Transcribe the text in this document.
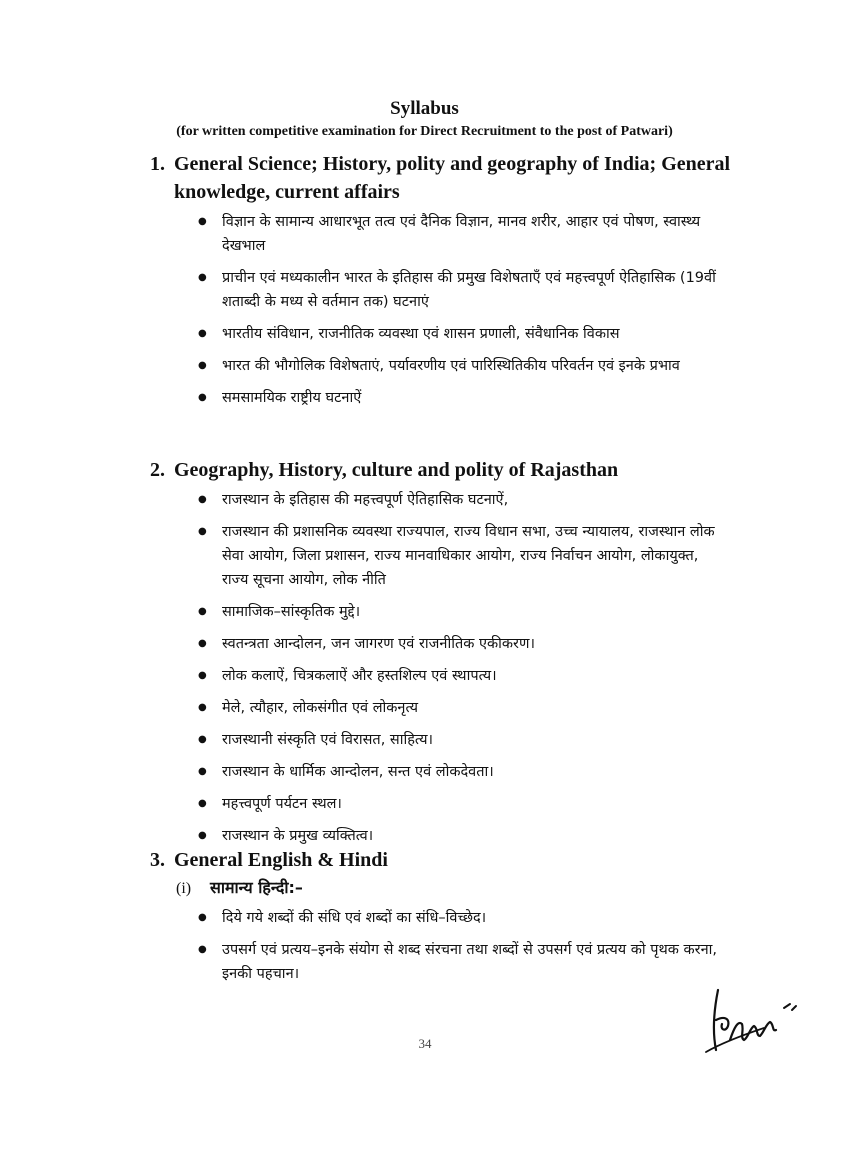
Syllabus

(for written competitive examination for Direct Recruitment to the post of Patwari)

1. General Science; History, polity and geography of India; General knowledge, current affairs
● विज्ञान के सामान्य आधारभूत तत्व एवं दैनिक विज्ञान, मानव शरीर, आहार एवं पोषण, स्वास्थ्य देखभाल
● प्राचीन एवं मध्यकालीन भारत के इतिहास की प्रमुख विशेषताएँ एवं महत्त्वपूर्ण ऐतिहासिक (19वीं शताब्दी के मध्य से वर्तमान तक) घटनाएं
● भारतीय संविधान, राजनीतिक व्यवस्था एवं शासन प्रणाली, संवैधानिक विकास
● भारत की भौगोलिक विशेषताएं, पर्यावरणीय एवं पारिस्थितिकीय परिवर्तन एवं इनके प्रभाव
● समसामयिक राष्ट्रीय घटनाऐं
2. Geography, History, culture and polity of Rajasthan
● राजस्थान के इतिहास की महत्त्वपूर्ण ऐतिहासिक घटनाऐं,
● राजस्थान की प्रशासनिक व्यवस्था राज्यपाल, राज्य विधान सभा, उच्च न्यायालय, राजस्थान लोक सेवा आयोग, जिला प्रशासन, राज्य मानवाधिकार आयोग, राज्य निर्वाचन आयोग, लोकायुक्त, राज्य सूचना आयोग, लोक नीति
● सामाजिक–सांस्कृतिक मुद्दे।
● स्वतन्त्रता आन्दोलन, जन जागरण एवं राजनीतिक एकीकरण।
● लोक कलाऐं, चित्रकलाऐं और हस्तशिल्प एवं स्थापत्य।
● मेले, त्यौहार, लोकसंगीत एवं लोकनृत्य
● राजस्थानी संस्कृति एवं विरासत, साहित्य।
● राजस्थान के धार्मिक आन्दोलन, सन्त एवं लोकदेवता।
● महत्त्वपूर्ण पर्यटन स्थल।
● राजस्थान के प्रमुख व्यक्तित्व।
3. General English & Hindi
(i) सामान्य हिन्दी:–
● दिये गये शब्दों की संधि एवं शब्दों का संधि–विच्छेद।
● उपसर्ग एवं प्रत्यय–इनके संयोग से शब्द संरचना तथा शब्दों से उपसर्ग एवं प्रत्यय को पृथक करना, इनकी पहचान।
34
